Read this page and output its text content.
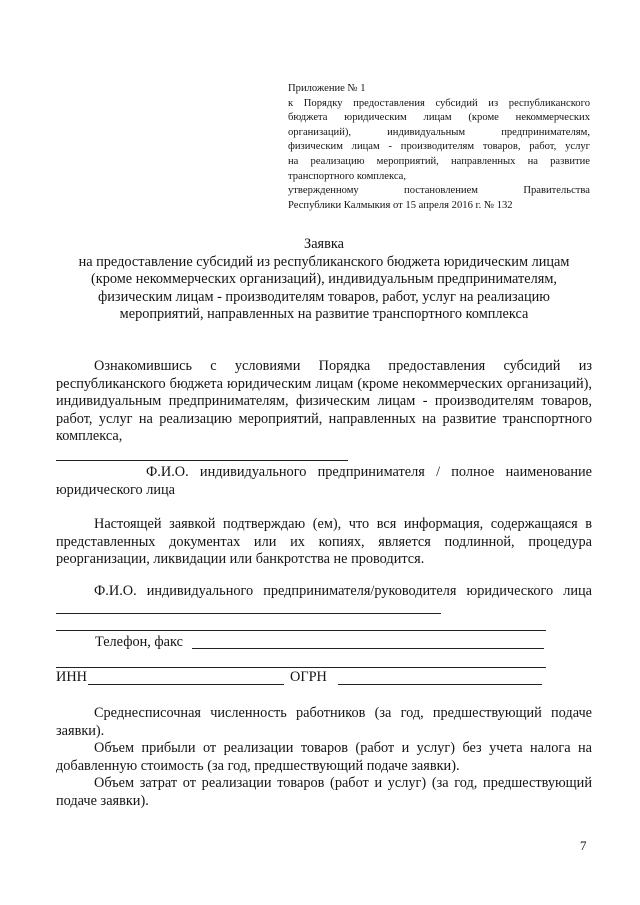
Приложение № 1
к Порядку предоставления субсидий из республиканского
бюджета юридическим лицам (кроме некоммерческих
организаций), индивидуальным предпринимателям,
физическим лицам - производителям товаров, работ, услуг
на реализацию мероприятий, направленных на развитие
транспортного комплекса,
утвержденному постановлением Правительства
Республики Калмыкия от 15 апреля 2016 г. № 132
Заявка
на предоставление субсидий из республиканского бюджета юридическим лицам
(кроме некоммерческих организаций), индивидуальным предпринимателям,
физическим лицам - производителям товаров, работ, услуг на реализацию
мероприятий, направленных на развитие транспортного комплекса
Ознакомившись с условиями Порядка предоставления субсидий из республиканского бюджета юридическим лицам (кроме некоммерческих организаций), индивидуальным предпринимателям, физическим лицам - производителям товаров, работ, услуг на реализацию мероприятий, направленных на развитие транспортного комплекса,
Ф.И.О. индивидуального предпринимателя / полное наименование
юридического лица
Настоящей заявкой подтверждаю (ем), что вся информация, содержащаяся в представленных документах или их копиях, является подлинной, процедура реорганизации, ликвидации или банкротства не проводится.
Ф.И.О. индивидуального предпринимателя/руководителя юридического лица
Телефон, факс
ИНН	ОГРН
Среднесписочная численность работников (за год, предшествующий подаче заявки).
Объем прибыли от реализации товаров (работ и услуг) без учета налога на добавленную стоимость (за год, предшествующий подаче заявки).
Объем затрат от реализации товаров (работ и услуг) (за год, предшествующий подаче заявки).
7
